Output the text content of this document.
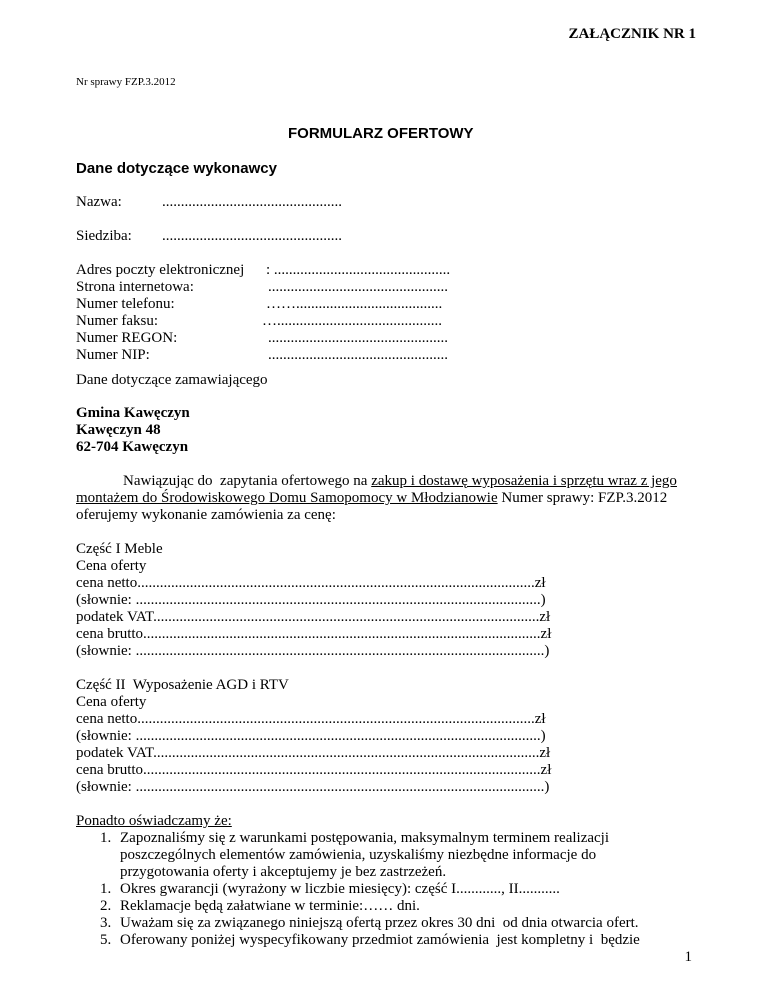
ZAŁĄCZNIK NR 1
Nr sprawy FZP.3.2012
FORMULARZ OFERTOWY
Dane dotyczące wykonawcy
Nazwa:	................................................
Siedziba: ................................................
Adres poczty elektronicznej : ...............................................
Strona internetowa:	................................................
Numer telefonu:	…….......................................
Numer faksu:	…............................................
Numer REGON:	................................................
Numer NIP:	................................................
Dane dotyczące zamawiającego
Gmina Kawęczyn
Kawęczyn 48
62-704 Kawęczyn
Nawiązując do  zapytania ofertowego na zakup i dostawę wyposażenia i sprzętu wraz z jego
montażem do Środowiskowego Domu Samopomocy w Młodzianowie Numer sprawy: FZP.3.2012
oferujemy wykonanie zamówienia za cenę:
Część I Meble
Cena oferty
cena netto..........................................................................................................zł
(słownie: ............................................................................................................)
podatek VAT.......................................................................................................zł
cena brutto..........................................................................................................zł
(słownie: .............................................................................................................)
Część II  Wyposażenie AGD i RTV
Cena oferty
cena netto..........................................................................................................zł
(słownie: ............................................................................................................)
podatek VAT.......................................................................................................zł
cena brutto..........................................................................................................zł
(słownie: .............................................................................................................)
Ponadto oświadczamy że:
1. Zapoznaliśmy się z warunkami postępowania, maksymalnym terminem realizacji
poszczególnych elementów zamówienia, uzyskaliśmy niezbędne informacje do
przygotowania oferty i akceptujemy je bez zastrzeżeń.
1. Okres gwarancji (wyrażony w liczbie miesięcy): część I............, II...........
2. Reklamacje będą załatwiane w terminie:…… dni.
3. Uważam się za związanego niniejszą ofertą przez okres 30 dni  od dnia otwarcia ofert.
5. Oferowany poniżej wyspecyfikowany przedmiot zamówienia  jest kompletny i  będzie
1
